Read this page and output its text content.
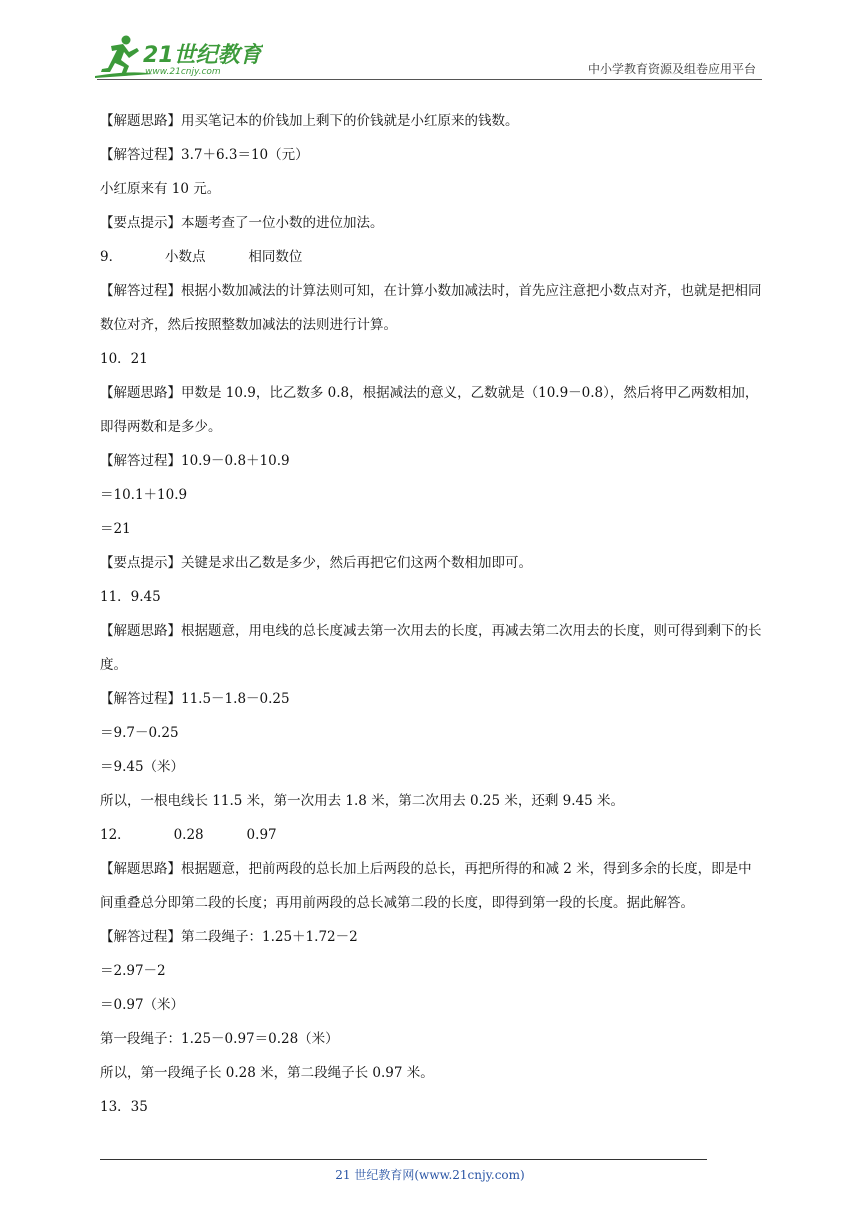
21世纪教育
www.21cnjy.com	中小学教育资源及组卷应用平台

【解题思路】用买笔记本的价钱加上剩下的价钱就是小红原来的钱数。

【解答过程】3.7＋6.3＝10（元）

小红原来有 10 元。

【要点提示】本题考查了一位小数的进位加法。

9．          小数点          相同数位

【解答过程】根据小数加减法的计算法则可知，在计算小数加减法时，首先应注意把小数点对齐，也就是把相同数位对齐，然后按照整数加减法的法则进行计算。

10．21

【解题思路】甲数是 10.9，比乙数多 0.8，根据减法的意义，乙数就是（10.9－0.8），然后将甲乙两数相加，即得两数和是多少。

【解答过程】10.9－0.8＋10.9

＝10.1＋10.9

＝21

【要点提示】关键是求出乙数是多少，然后再把它们这两个数相加即可。

11．9.45

【解题思路】根据题意，用电线的总长度减去第一次用去的长度，再减去第二次用去的长度，则可得到剩下的长度。

【解答过程】11.5－1.8－0.25

＝9.7－0.25

＝9.45（米）

所以，一根电线长 11.5 米，第一次用去 1.8 米，第二次用去 0.25 米，还剩 9.45 米。

12．          0.28          0.97

【解题思路】根据题意，把前两段的总长加上后两段的总长，再把所得的和减 2 米，得到多余的长度，即是中间重叠总分即第二段的长度；再用前两段的总长减第二段的长度，即得到第一段的长度。据此解答。

【解答过程】第二段绳子：1.25＋1.72－2

＝2.97－2

＝0.97（米）

第一段绳子：1.25－0.97＝0.28（米）

所以，第一段绳子长 0.28 米，第二段绳子长 0.97 米。

13．35

21 世纪教育网(www.21cnjy.com)
